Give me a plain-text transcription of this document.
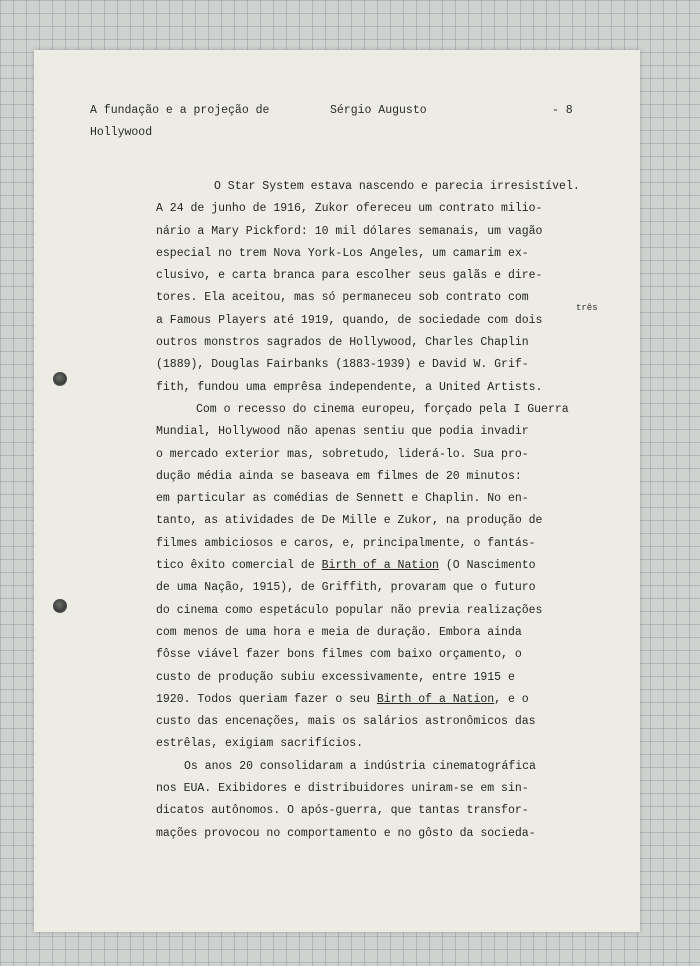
A fundação e a projeção de
Hollywood
Sérgio Augusto	- 8
três
O Star System estava nascendo e parecia irresistível.
A 24 de junho de 1916, Zukor ofereceu um contrato milio-
nário a Mary Pickford: 10 mil dólares semanais, um vagão
especial no trem Nova York-Los Angeles, um camarim ex-
clusivo, e carta branca para escolher seus galãs e dire-
tores. Ela aceitou, mas só permaneceu sob contrato com
a Famous Players até 1919, quando, de sociedade com dois
outros monstros sagrados de Hollywood, Charles Chaplin
(1889), Douglas Fairbanks (1883-1939) e David W. Grif-
fith, fundou uma emprêsa independente, a United Artists.
Com o recesso do cinema europeu, forçado pela I Guerra
Mundial, Hollywood não apenas sentiu que podia invadir
o mercado exterior mas, sobretudo, liderá-lo. Sua pro-
dução média ainda se baseava em filmes de 20 minutos:
em particular as comédias de Sennett e Chaplin. No en-
tanto, as atividades de De Mille e Zukor, na produção de
filmes ambiciosos e caros, e, principalmente, o fantás-
tico êxito comercial de Birth of a Nation (O Nascimento
de uma Nação, 1915), de Griffith, provaram que o futuro
do cinema como espetáculo popular não previa realizações
com menos de uma hora e meia de duração. Embora ainda
fôsse viável fazer bons filmes com baixo orçamento, o
custo de produção subiu excessivamente, entre 1915 e
1920. Todos queriam fazer o seu Birth of a Nation, e o
custo das encenações, mais os salários astronômicos das
estrêlas, exigiam sacrifícios.
Os anos 20 consolidaram a indústria cinematográfica
nos EUA. Exibidores e distribuidores uniram-se em sin-
dicatos autônomos. O após-guerra, que tantas transfor-
mações provocou no comportamento e no gôsto da socieda-
